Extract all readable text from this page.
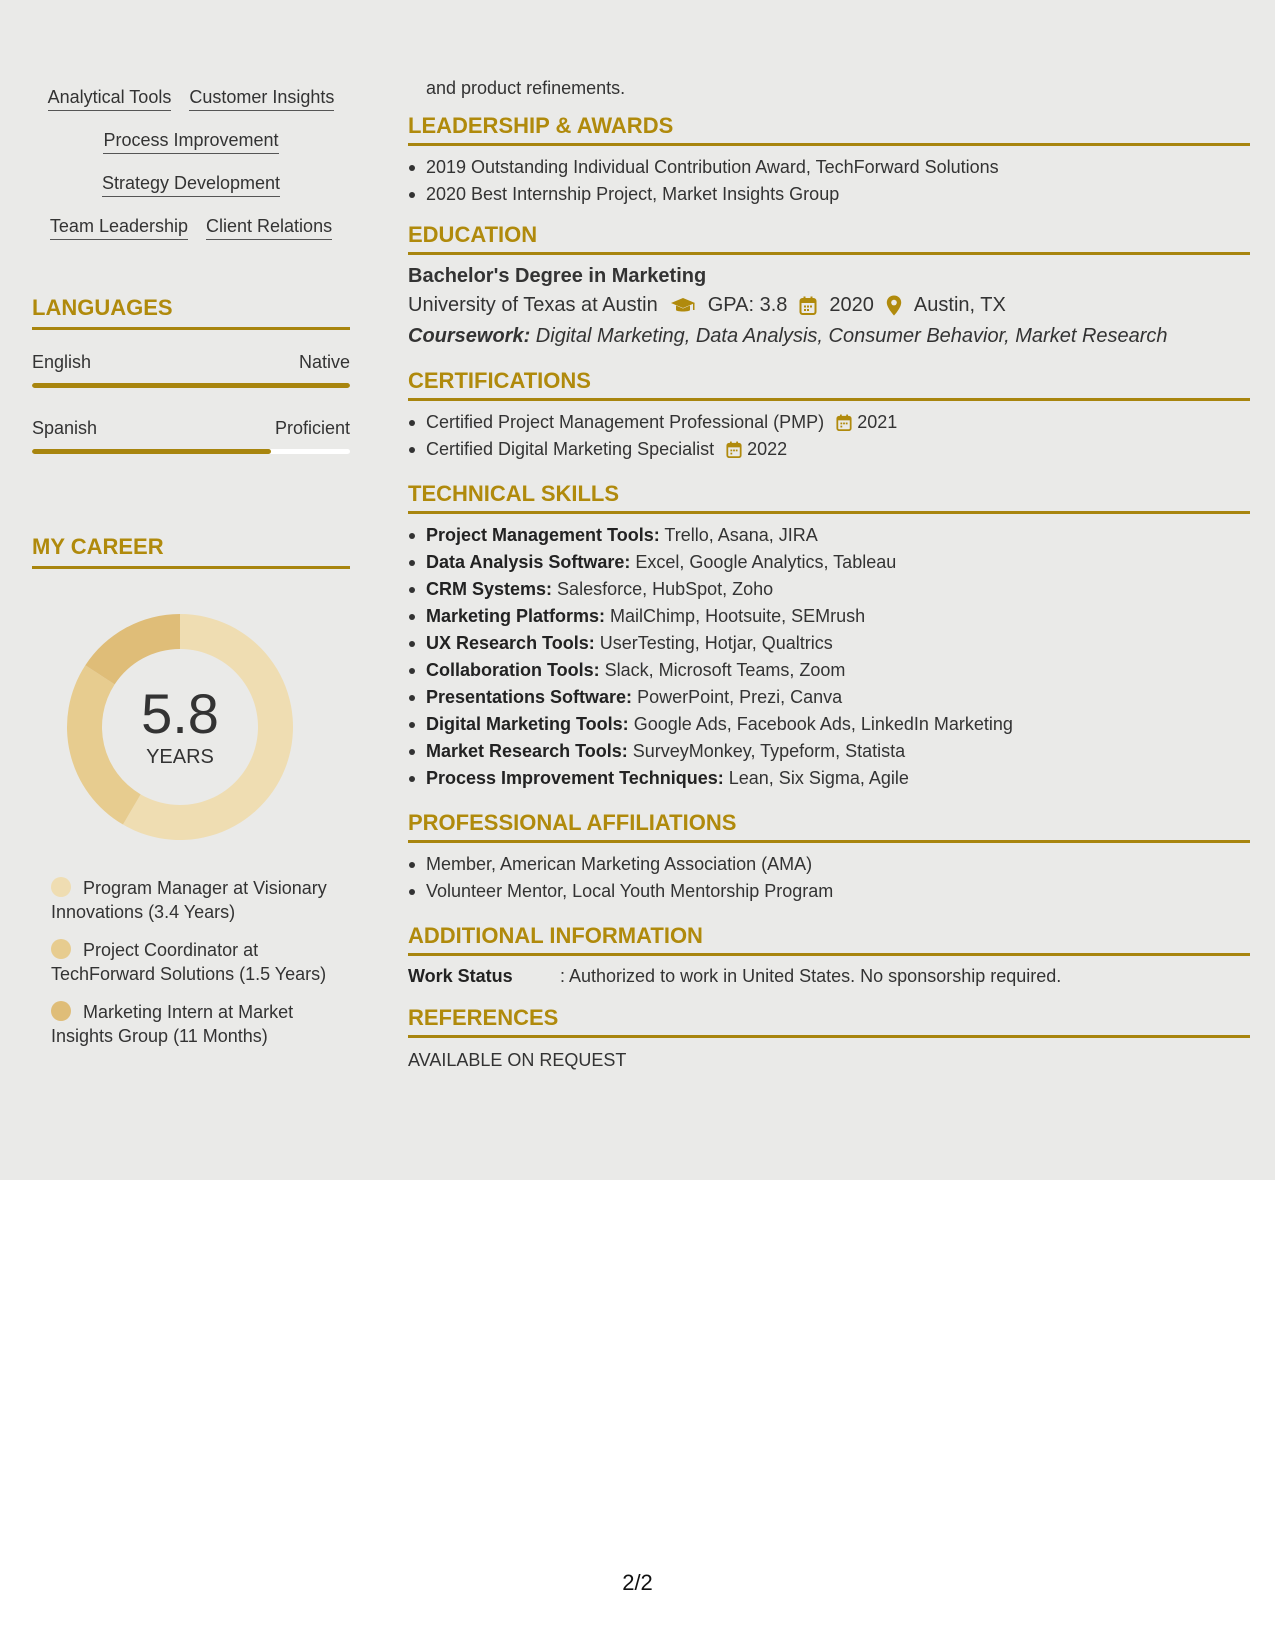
Analytical Tools Customer Insights
Process Improvement
Strategy Development
Team Leadership Client Relations
LANGUAGES
English	Native
Spanish	Proficient
MY CAREER
5.8
YEARS
Program Manager at Visionary Innovations (3.4 Years)
Project Coordinator at TechForward Solutions (1.5 Years)
Marketing Intern at Market Insights Group (11 Months)
and product refinements.
LEADERSHIP & AWARDS
2019 Outstanding Individual Contribution Award, TechForward Solutions
2020 Best Internship Project, Market Insights Group
EDUCATION
Bachelor's Degree in Marketing
University of Texas at Austin	GPA: 3.8 2020 Austin, TX
Coursework: Digital Marketing, Data Analysis, Consumer Behavior, Market Research
CERTIFICATIONS
Certified Project Management Professional (PMP) 2021
Certified Digital Marketing Specialist 2022
TECHNICAL SKILLS
Project Management Tools: Trello, Asana, JIRA
Data Analysis Software: Excel, Google Analytics, Tableau
CRM Systems: Salesforce, HubSpot, Zoho
Marketing Platforms: MailChimp, Hootsuite, SEMrush
UX Research Tools: UserTesting, Hotjar, Qualtrics
Collaboration Tools: Slack, Microsoft Teams, Zoom
Presentations Software: PowerPoint, Prezi, Canva
Digital Marketing Tools: Google Ads, Facebook Ads, LinkedIn Marketing
Market Research Tools: SurveyMonkey, Typeform, Statista
Process Improvement Techniques: Lean, Six Sigma, Agile
PROFESSIONAL AFFILIATIONS
Member, American Marketing Association (AMA)
Volunteer Mentor, Local Youth Mentorship Program
ADDITIONAL INFORMATION
Work Status	: Authorized to work in United States. No sponsorship required.
REFERENCES
AVAILABLE ON REQUEST
2/2
